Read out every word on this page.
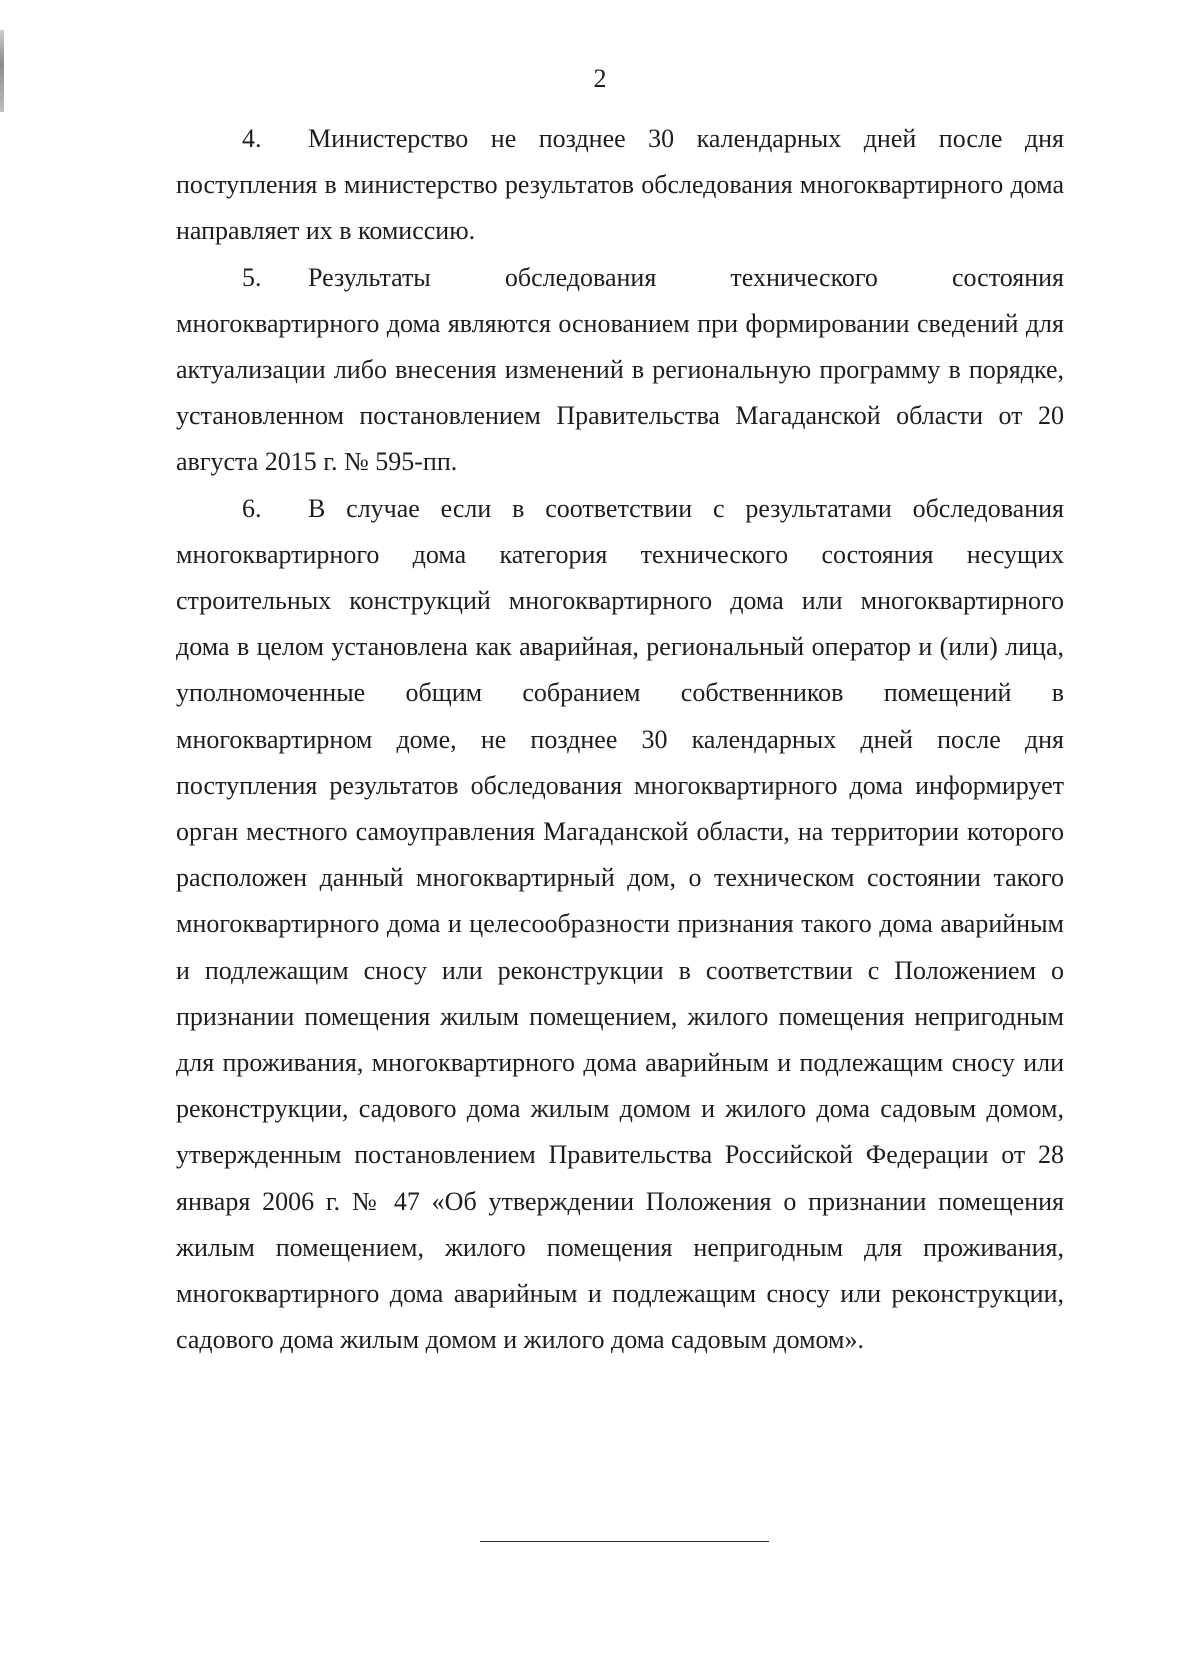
2

4. Министерство не позднее 30 календарных дней после дня поступления в министерство результатов обследования многоквартирного дома направляет их в комиссию.

5. Результаты обследования технического состояния многоквартирного дома являются основанием при формировании сведений для актуализации либо внесения изменений в региональную программу в порядке, установленном постановлением Правительства Магаданской области от 20 августа 2015 г. № 595-пп.

6. В случае если в соответствии с результатами обследования многоквартирного дома категория технического состояния несущих строительных конструкций многоквартирного дома или многоквартирного дома в целом установлена как аварийная, региональный оператор и (или) лица, уполномоченные общим собранием собственников помещений в многоквартирном доме, не позднее 30 календарных дней после дня поступления результатов обследования многоквартирного дома информирует орган местного самоуправления Магаданской области, на территории которого расположен данный многоквартирный дом, о техническом состоянии такого многоквартирного дома и целесообразности признания такого дома аварийным и подлежащим сносу или реконструкции в соответствии с Положением о признании помещения жилым помещением, жилого помещения непригодным для проживания, многоквартирного дома аварийным и подлежащим сносу или реконструкции, садового дома жилым домом и жилого дома садовым домом, утвержденным постановлением Правительства Российской Федерации от 28 января 2006 г. № 47 «Об утверждении Положения о признании помещения жилым помещением, жилого помещения непригодным для проживания, многоквартирного дома аварийным и подлежащим сносу или реконструкции, садового дома жилым домом и жилого дома садовым домом».
